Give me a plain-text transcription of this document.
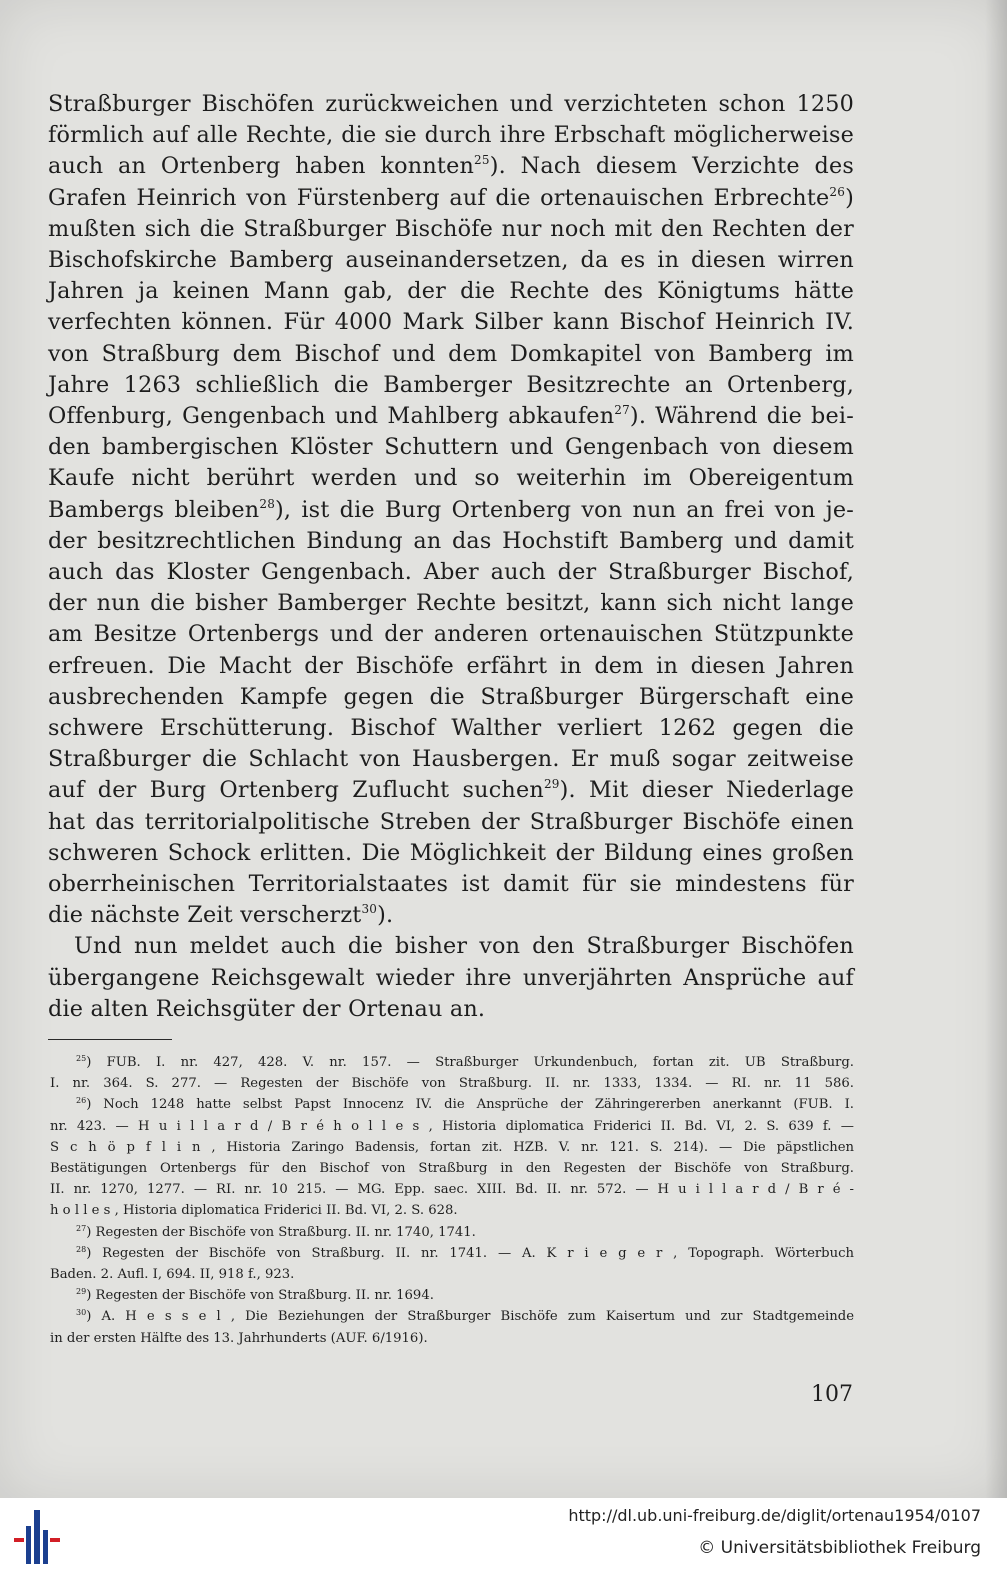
Straßburger Bischöfen zurückweichen und verzichteten schon 1250
förmlich auf alle Rechte, die sie durch ihre Erbschaft möglicherweise
auch an Ortenberg haben konnten$^{25}$). Nach diesem Verzichte des
Grafen Heinrich von Fürstenberg auf die ortenauischen Erbrechte$^{26}$)
mußten sich die Straßburger Bischöfe nur noch mit den Rechten der
Bischofskirche Bamberg auseinandersetzen, da es in diesen wirren
Jahren ja keinen Mann gab, der die Rechte des Königtums hätte
verfechten können. Für 4000 Mark Silber kann Bischof Heinrich IV.
von Straßburg dem Bischof und dem Domkapitel von Bamberg im
Jahre 1263 schließlich die Bamberger Besitzrechte an Ortenberg,
Offenburg, Gengenbach und Mahlberg abkaufen$^{27}$). Während die bei-
den bambergischen Klöster Schuttern und Gengenbach von diesem
Kaufe nicht berührt werden und so weiterhin im Obereigentum
Bambergs bleiben$^{28}$), ist die Burg Ortenberg von nun an frei von je-
der besitzrechtlichen Bindung an das Hochstift Bamberg und damit
auch das Kloster Gengenbach. Aber auch der Straßburger Bischof,
der nun die bisher Bamberger Rechte besitzt, kann sich nicht lange
am Besitze Ortenbergs und der anderen ortenauischen Stützpunkte
erfreuen. Die Macht der Bischöfe erfährt in dem in diesen Jahren
ausbrechenden Kampfe gegen die Straßburger Bürgerschaft eine
schwere Erschütterung. Bischof Walther verliert 1262 gegen die
Straßburger die Schlacht von Hausbergen. Er muß sogar zeitweise
auf der Burg Ortenberg Zuflucht suchen$^{29}$). Mit dieser Niederlage
hat das territorialpolitische Streben der Straßburger Bischöfe einen
schweren Schock erlitten. Die Möglichkeit der Bildung eines großen
oberrheinischen Territorialstaates ist damit für sie mindestens für
die nächste Zeit verscherzt$^{30}$).
Und nun meldet auch die bisher von den Straßburger Bischöfen
übergangene Reichsgewalt wieder ihre unverjährten Ansprüche auf
die alten Reichsgüter der Ortenau an.
$^{25}$) FUB. I. nr. 427, 428. V. nr. 157. — Straßburger Urkundenbuch, fortan zit. UB Straßburg.
I. nr. 364. S. 277. — Regesten der Bischöfe von Straßburg. II. nr. 1333, 1334. — RI. nr. 11 586.
$^{26}$) Noch 1248 hatte selbst Papst Innocenz IV. die Ansprüche der Zähringererben anerkannt (FUB. I.
nr. 423. — H u i l l a r d / B r é h o l l e s , Historia diplomatica Friderici II. Bd. VI, 2. S. 639 f. —
S c h ö p f l i n , Historia Zaringo Badensis, fortan zit. HZB. V. nr. 121. S. 214). — Die päpstlichen
Bestätigungen Ortenbergs für den Bischof von Straßburg in den Regesten der Bischöfe von Straßburg.
II. nr. 1270, 1277. — RI. nr. 10 215. — MG. Epp. saec. XIII. Bd. II. nr. 572. — H u i l l a r d / B r é -
h o l l e s , Historia diplomatica Friderici II. Bd. VI, 2. S. 628.
$^{27}$) Regesten der Bischöfe von Straßburg. II. nr. 1740, 1741.
$^{28}$) Regesten der Bischöfe von Straßburg. II. nr. 1741. — A. K r i e g e r , Topograph. Wörterbuch
Baden. 2. Aufl. I, 694. II, 918 f., 923.
$^{29}$) Regesten der Bischöfe von Straßburg. II. nr. 1694.
$^{30}$) A. H e s s e l , Die Beziehungen der Straßburger Bischöfe zum Kaisertum und zur Stadtgemeinde
in der ersten Hälfte des 13. Jahrhunderts (AUF. 6/1916).
107
http://dl.ub.uni-freiburg.de/diglit/ortenau1954/0107
© Universitätsbibliothek Freiburg
